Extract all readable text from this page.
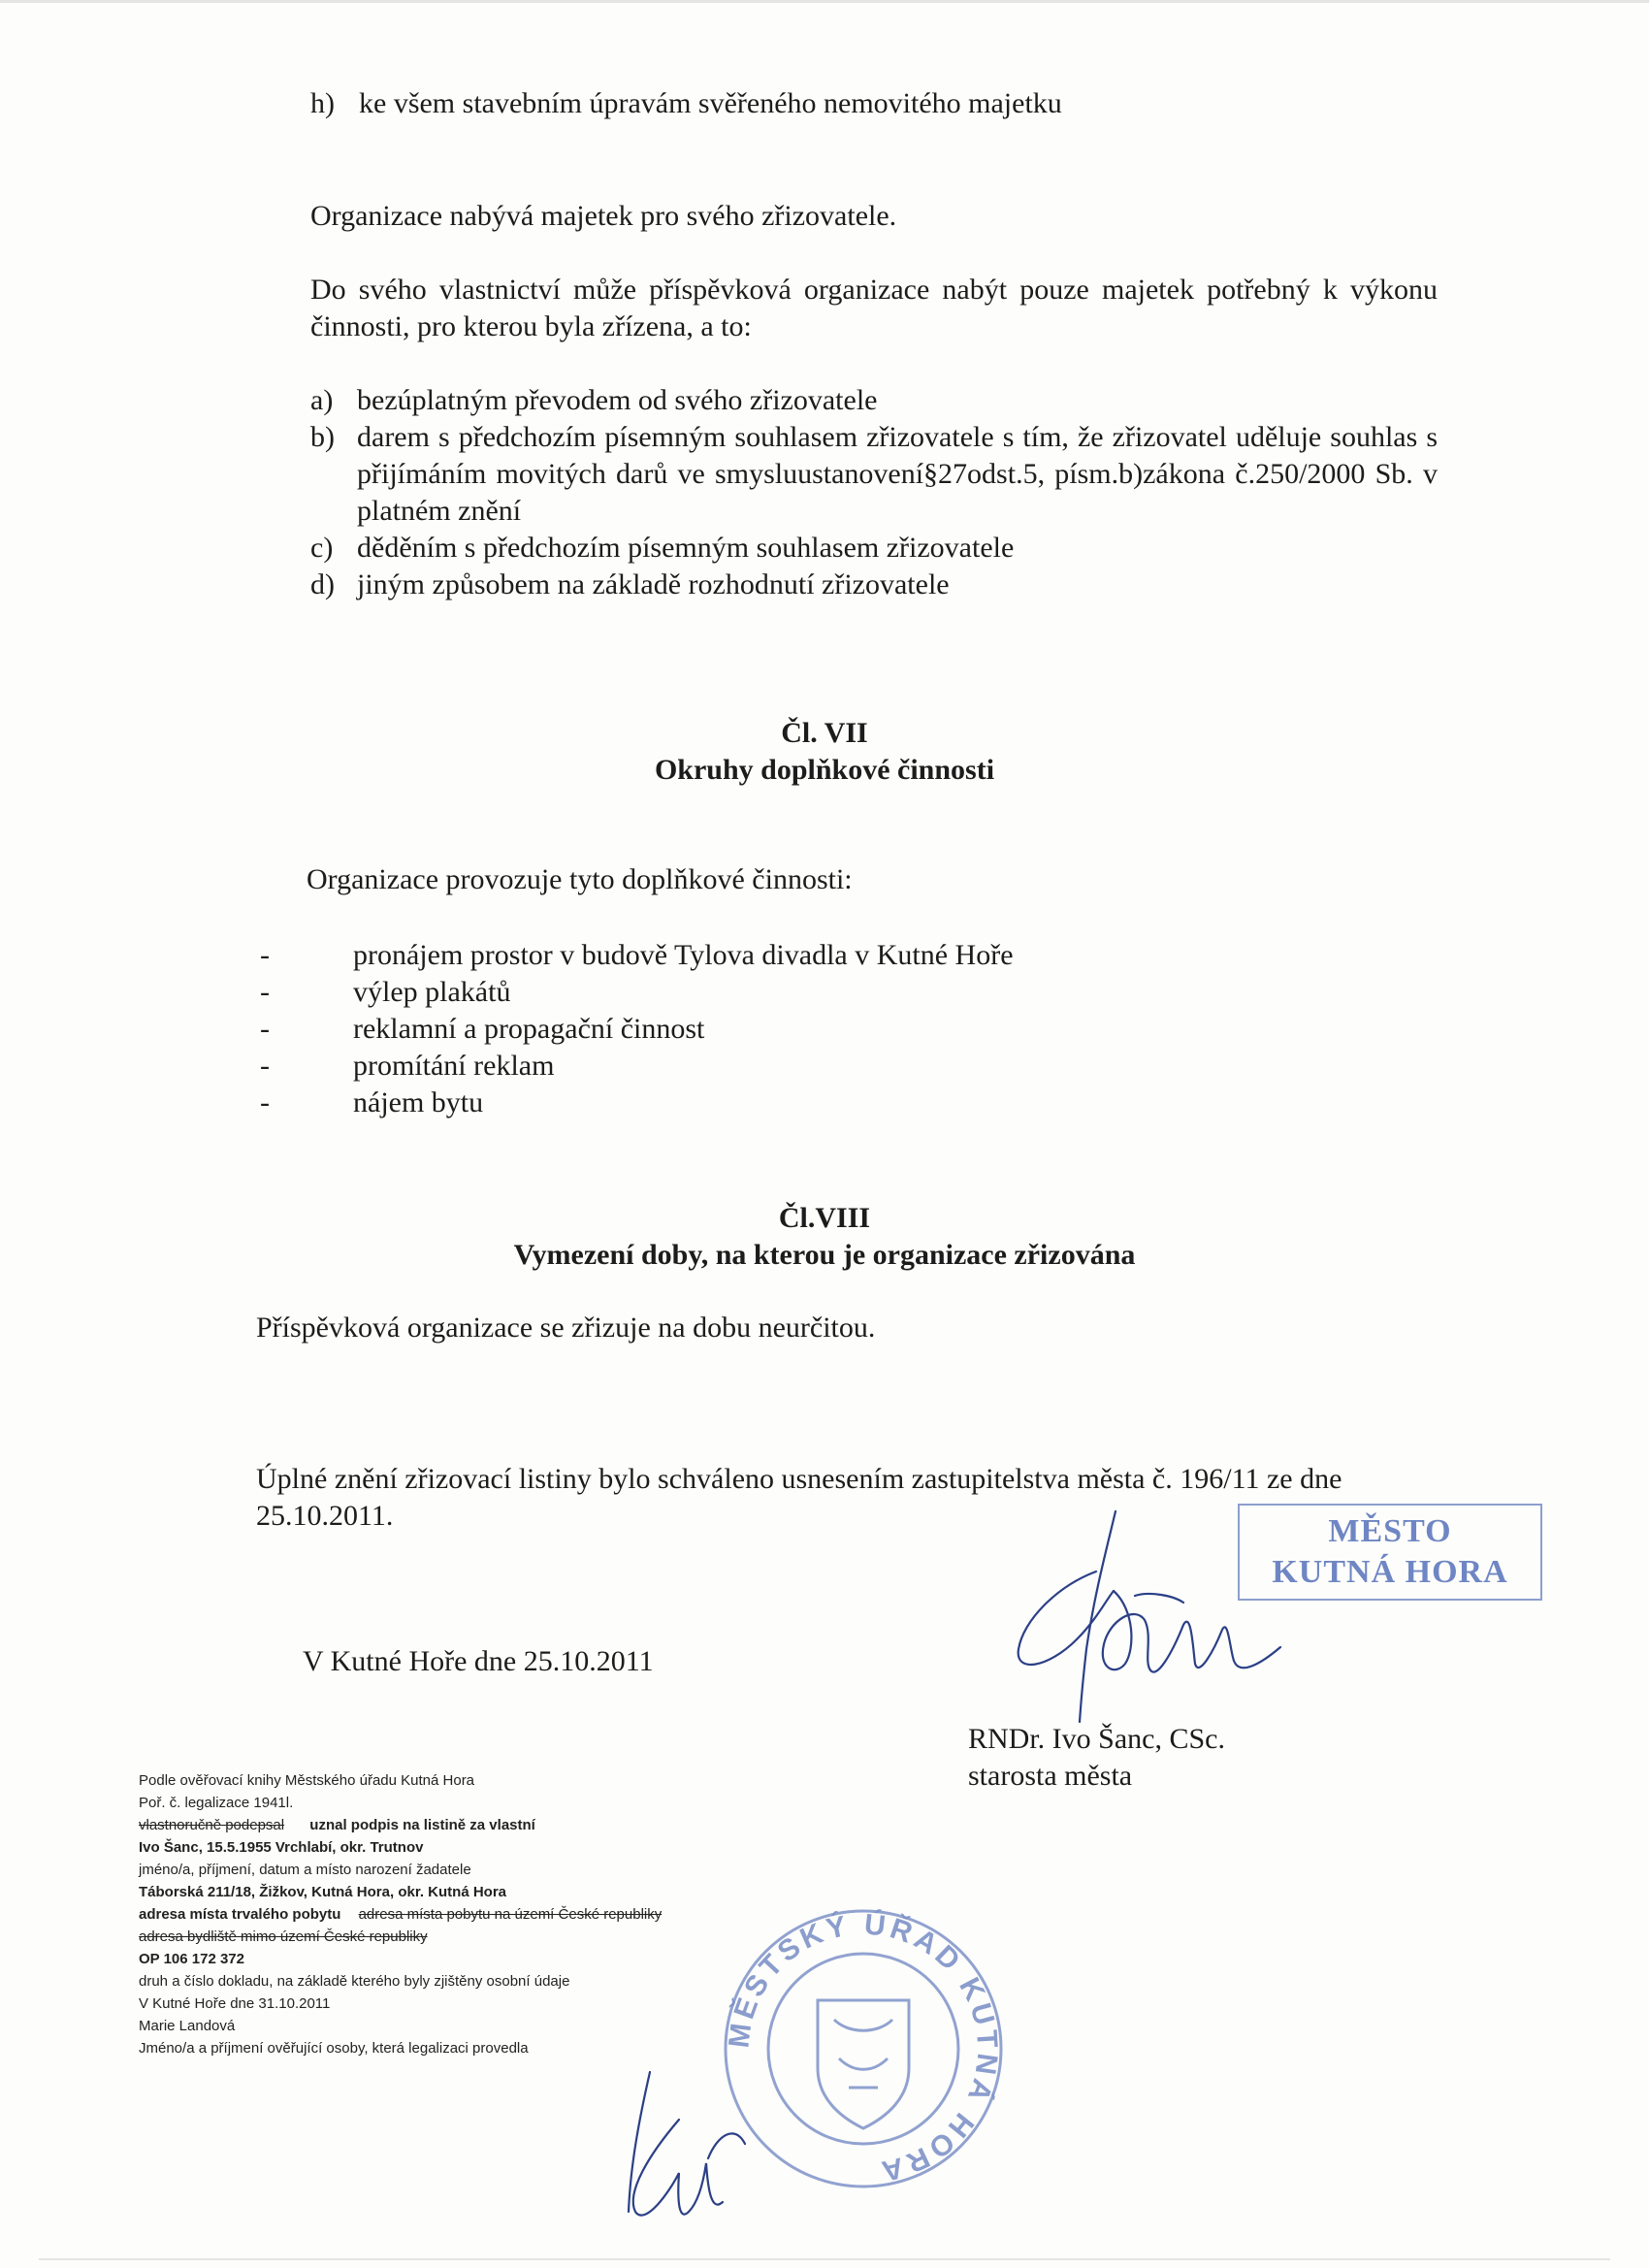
h) ke všem stavebním úpravám svěřeného nemovitého majetku
Organizace nabývá majetek pro svého zřizovatele.
Do svého vlastnictví může příspěvková organizace nabýt pouze majetek potřebný k výkonu činnosti, pro kterou byla zřízena, a to:
a) bezúplatným převodem od svého zřizovatele
b) darem s předchozím písemným souhlasem zřizovatele s tím, že zřizovatel uděluje souhlas s přijímáním movitých darů ve smysluustanovení§27odst.5, písm.b)zákona č.250/2000 Sb. v platném znění
c) děděním s předchozím písemným souhlasem zřizovatele
d) jiným způsobem na základě rozhodnutí zřizovatele
Čl. VII
Okruhy doplňkové činnosti
Organizace provozuje tyto doplňkové činnosti:
-	pronájem prostor v budově Tylova divadla v Kutné Hoře
-	výlep plakátů
-	reklamní a propagační činnost
-	promítání reklam
-	nájem bytu
Čl.VIII
Vymezení doby, na kterou je organizace zřizována
Příspěvková organizace se zřizuje na dobu neurčitou.
Úplné znění zřizovací listiny bylo schváleno usnesením zastupitelstva města č. 196/11 ze dne 25.10.2011.
V Kutné Hoře dne 25.10.2011
RNDr. Ivo Šanc, CSc.
starosta města
MĚSTO
KUTNÁ HORA
MĚSTSKÝ ÚŘAD KUTNÁ HORA
Podle ověřovací knihy Městského úřadu Kutná Hora
Poř. č. legalizace 1941l.
vlastnoručně podepsal uznal podpis na listině za vlastní
Ivo Šanc, 15.5.1955 Vrchlabí, okr. Trutnov
jméno/a, příjmení, datum a místo narození žadatele
Táborská 211/18, Žižkov, Kutná Hora, okr. Kutná Hora
adresa místa trvalého pobytu adresa místa pobytu na území České republiky
adresa bydliště mimo území České republiky
OP 106 172 372
druh a číslo dokladu, na základě kterého byly zjištěny osobní údaje
V Kutné Hoře dne 31.10.2011
Marie Landová
Jméno/a a příjmení ověřující osoby, která legalizaci provedla
